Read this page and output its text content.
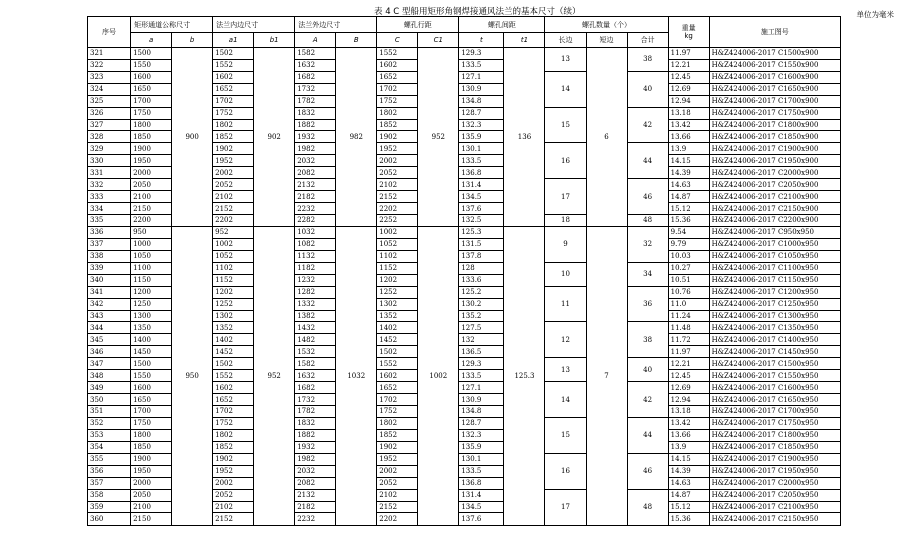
表 4 C 型船用矩形角钢焊接通风法兰的基本尺寸（续）	单位为毫米
序号	矩形通道公称尺寸		法兰内边尺寸		法兰外边尺寸		螺孔行距		螺孔间距		螺孔数量（个）			重量
kg	施工图号
	a	b	a1	b1	A	B	C	C1	t	t1	长边	短边	合计		
321	1500	900	1502	902	1582	982	1552	952	129.3	136	13	6	38	11.97	H&Z424006-2017 C1500x900
322	1550		1552		1632		1602		133.5					12.21	H&Z424006-2017 C1550x900
323	1600		1602		1682		1652		127.1		14		40	12.45	H&Z424006-2017 C1600x900
324	1650		1652		1732		1702		130.9					12.69	H&Z424006-2017 C1650x900
325	1700		1702		1782		1752		134.8					12.94	H&Z424006-2017 C1700x900
326	1750		1752		1832		1802		128.7		15		42	13.18	H&Z424006-2017 C1750x900
327	1800		1802		1882		1852		132.3					13.42	H&Z424006-2017 C1800x900
328	1850		1852		1932		1902		135.9					13.66	H&Z424006-2017 C1850x900
329	1900		1902		1982		1952		130.1		16		44	13.9	H&Z424006-2017 C1900x900
330	1950		1952		2032		2002		133.5					14.15	H&Z424006-2017 C1950x900
331	2000		2002		2082		2052		136.8					14.39	H&Z424006-2017 C2000x900
332	2050		2052		2132		2102		131.4		17		46	14.63	H&Z424006-2017 C2050x900
333	2100		2102		2182		2152		134.5					14.87	H&Z424006-2017 C2100x900
334	2150		2152		2232		2202		137.6					15.12	H&Z424006-2017 C2150x900
335	2200		2202		2282		2252		132.5		18		48	15.36	H&Z424006-2017 C2200x900
336	950	950	952	952	1032	1032	1002	1002	125.3	125.3	9	7	32	9.54	H&Z424006-2017 C950x950
337	1000		1002		1082		1052		131.5					9.79	H&Z424006-2017 C1000x950
338	1050		1052		1132		1102		137.8					10.03	H&Z424006-2017 C1050x950
339	1100		1102		1182		1152		128		10		34	10.27	H&Z424006-2017 C1100x950
340	1150		1152		1232		1202		133.6					10.51	H&Z424006-2017 C1150x950
341	1200		1202		1282		1252		125.2		11		36	10.76	H&Z424006-2017 C1200x950
342	1250		1252		1332		1302		130.2					11.0	H&Z424006-2017 C1250x950
343	1300		1302		1382		1352		135.2					11.24	H&Z424006-2017 C1300x950
344	1350		1352		1432		1402		127.5		12		38	11.48	H&Z424006-2017 C1350x950
345	1400		1402		1482		1452		132					11.72	H&Z424006-2017 C1400x950
346	1450		1452		1532		1502		136.5					11.97	H&Z424006-2017 C1450x950
347	1500		1502		1582		1552		129.3		13		40	12.21	H&Z424006-2017 C1500x950
348	1550		1552		1632		1602		133.5					12.45	H&Z424006-2017 C1550x950
349	1600		1602		1682		1652		127.1		14		42	12.69	H&Z424006-2017 C1600x950
350	1650		1652		1732		1702		130.9					12.94	H&Z424006-2017 C1650x950
351	1700		1702		1782		1752		134.8					13.18	H&Z424006-2017 C1700x950
352	1750		1752		1832		1802		128.7		15		44	13.42	H&Z424006-2017 C1750x950
353	1800		1802		1882		1852		132.3					13.66	H&Z424006-2017 C1800x950
354	1850		1852		1932		1902		135.9					13.9	H&Z424006-2017 C1850x950
355	1900		1902		1982		1952		130.1		16		46	14.15	H&Z424006-2017 C1900x950
356	1950		1952		2032		2002		133.5					14.39	H&Z424006-2017 C1950x950
357	2000		2002		2082		2052		136.8					14.63	H&Z424006-2017 C2000x950
358	2050		2052		2132		2102		131.4		17		48	14.87	H&Z424006-2017 C2050x950
359	2100		2102		2182		2152		134.5					15.12	H&Z424006-2017 C2100x950
360	2150		2152		2232		2202		137.6					15.36	H&Z424006-2017 C2150x950
